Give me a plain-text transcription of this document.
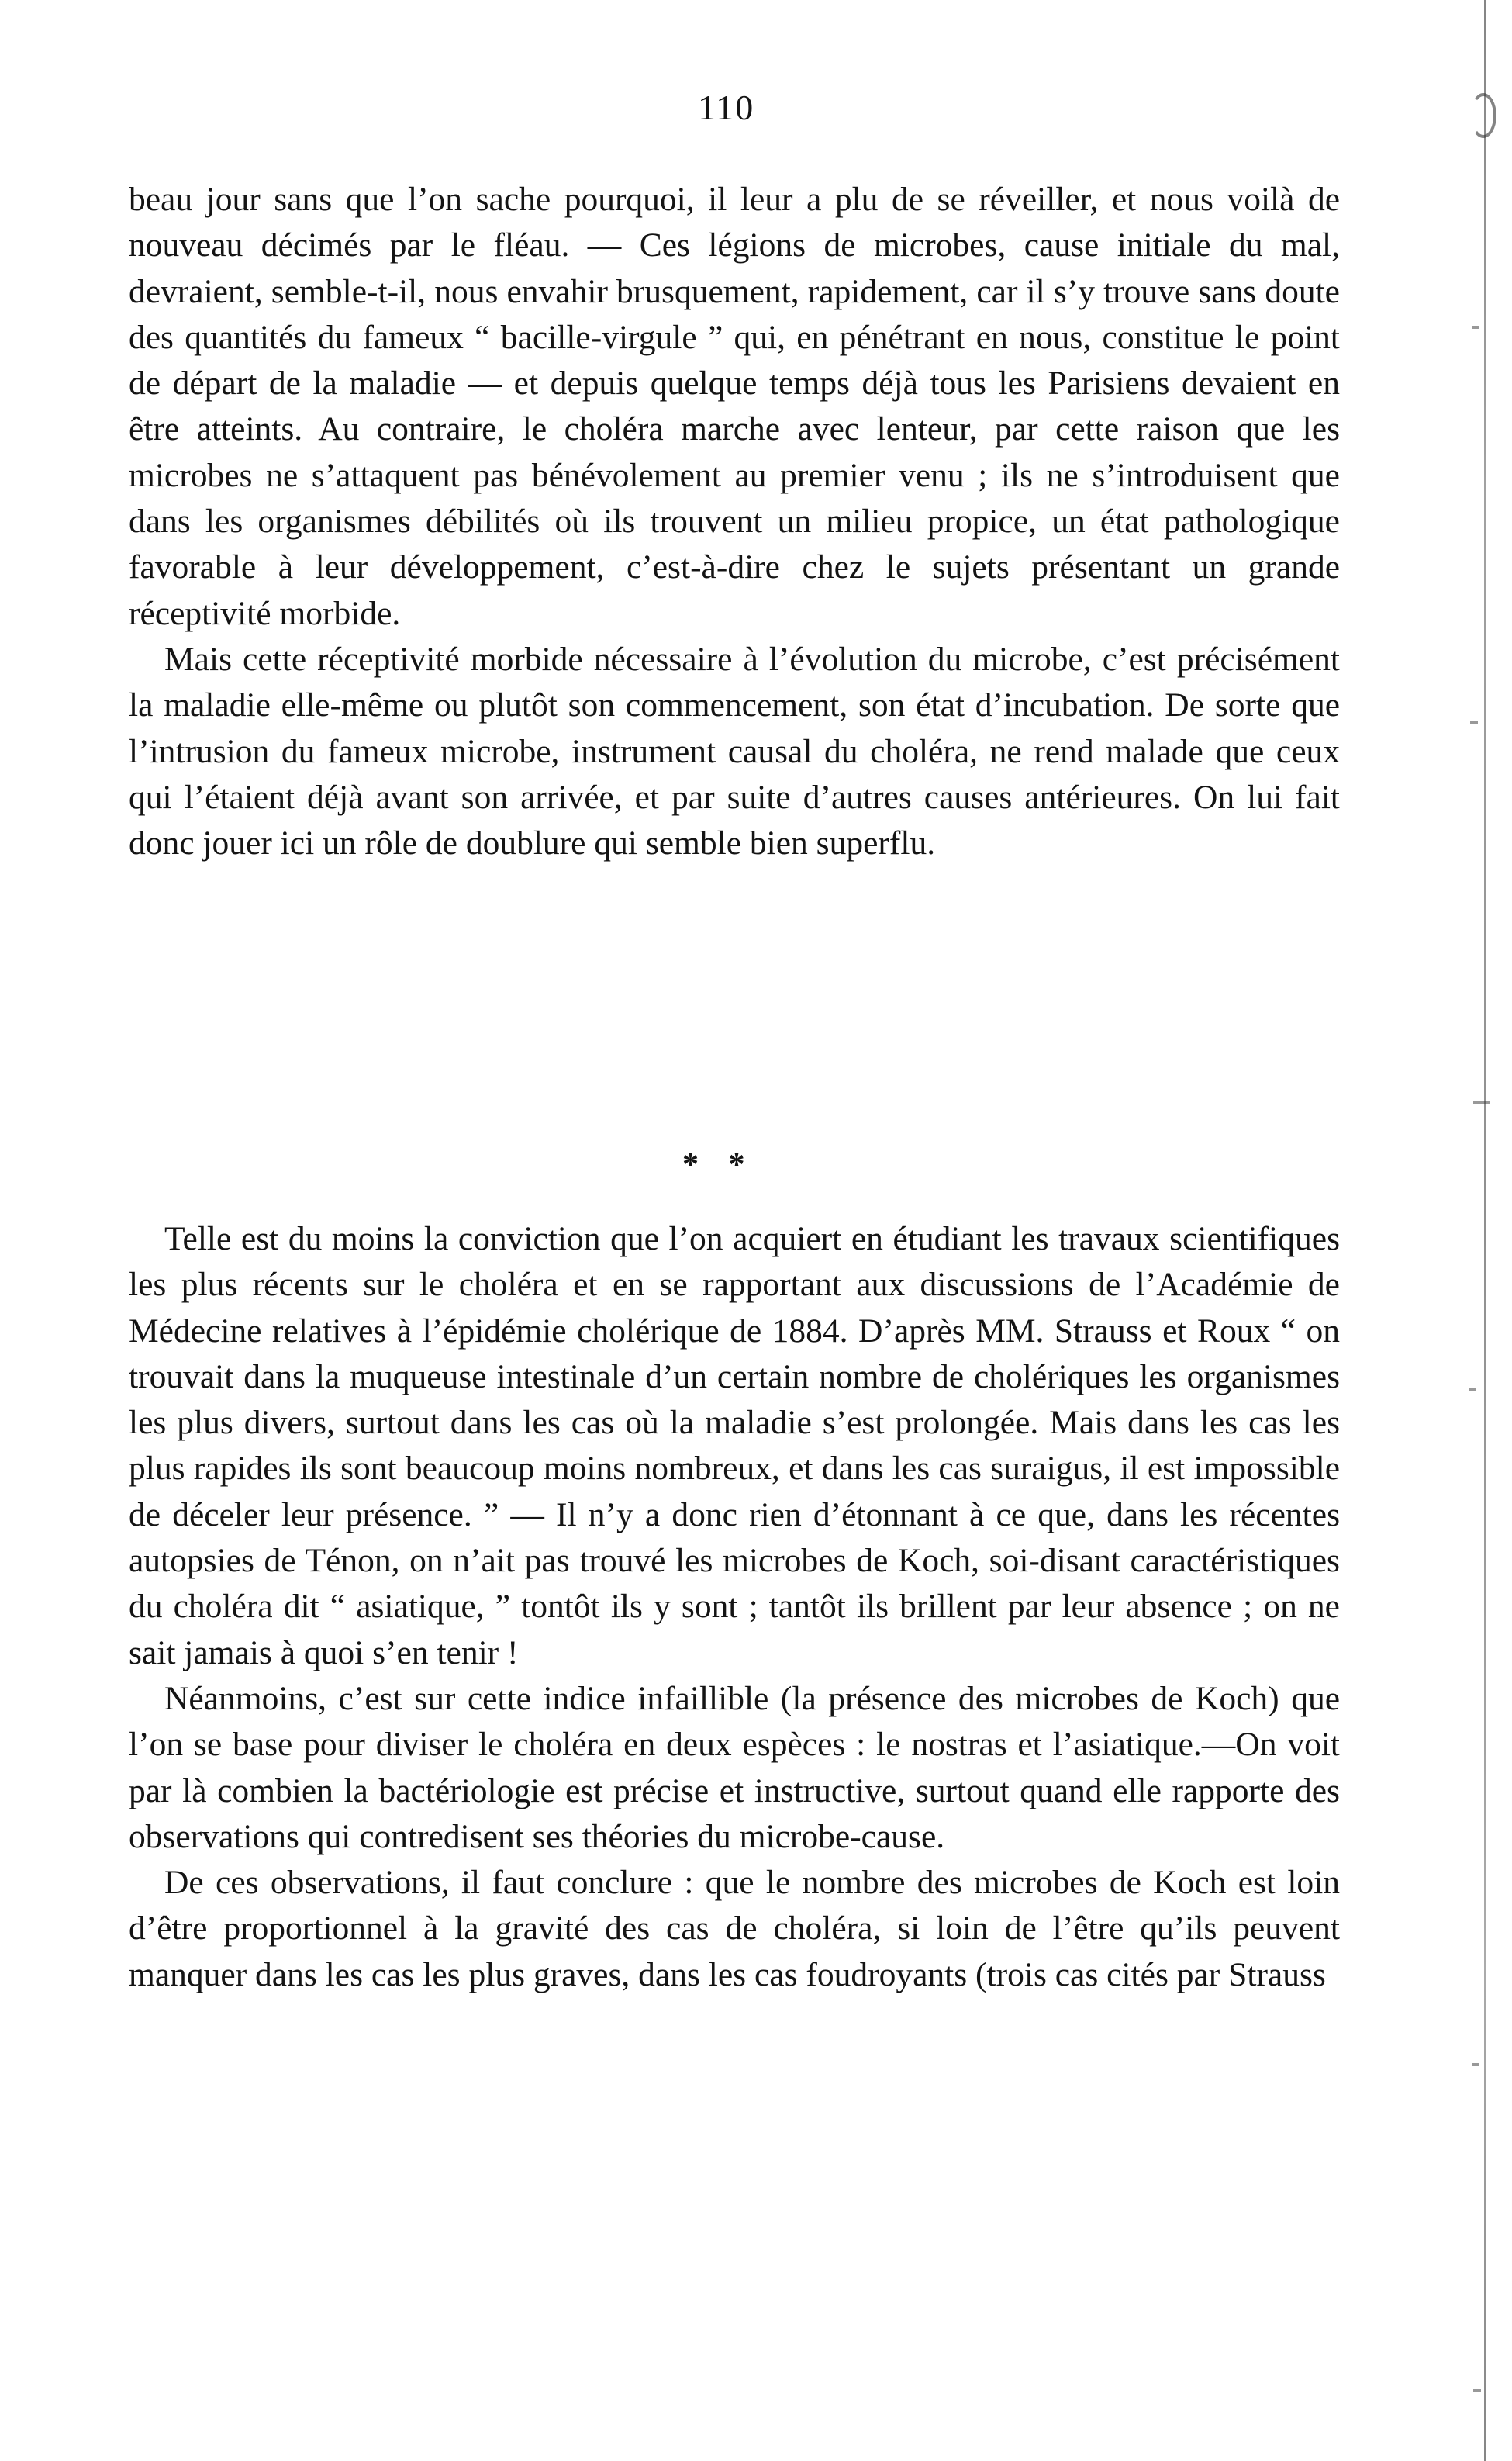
110

beau jour sans que l’on sache pourquoi, il leur a plu de se réveiller, et nous voilà de nouveau décimés par le fléau. — Ces légions de microbes, cause initiale du mal, devraient, semble-t-il, nous envahir brusquement, rapidement, car il s’y trouve sans doute des quantités du fameux “ bacille-virgule ” qui, en pénétrant en nous, constitue le point de départ de la maladie — et depuis quelque temps déjà tous les Parisiens devaient en être atteints. Au contraire, le choléra marche avec lenteur, par cette raison que les microbes ne s’attaquent pas bénévolement au premier venu ; ils ne s’introduisent que dans les organismes débilités où ils trouvent un milieu propice, un état pathologique favorable à leur développement, c’est-à-dire chez le sujets présentant un grande réceptivité morbide.

Mais cette réceptivité morbide nécessaire à l’évolution du microbe, c’est précisément la maladie elle-même ou plutôt son commencement, son état d’incubation. De sorte que l’intrusion du fameux microbe, instrument causal du choléra, ne rend malade que ceux qui l’étaient déjà avant son arrivée, et par suite d’autres causes antérieures. On lui fait donc jouer ici un rôle de doublure qui semble bien superflu.

* *

Telle est du moins la conviction que l’on acquiert en étudiant les travaux scientifiques les plus récents sur le choléra et en se rapportant aux discussions de l’Académie de Médecine relatives à l’épidémie cholérique de 1884. D’après MM. Strauss et Roux “ on trouvait dans la muqueuse intestinale d’un certain nombre de cholériques les organismes les plus divers, surtout dans les cas où la maladie s’est prolongée. Mais dans les cas les plus rapides ils sont beaucoup moins nombreux, et dans les cas suraigus, il est impossible de déceler leur présence. ” — Il n’y a donc rien d’étonnant à ce que, dans les récentes autopsies de Ténon, on n’ait pas trouvé les microbes de Koch, soi-disant caractéristiques du choléra dit “ asiatique, ” tontôt ils y sont ; tantôt ils brillent par leur absence ; on ne sait jamais à quoi s’en tenir !

Néanmoins, c’est sur cette indice infaillible (la présence des microbes de Koch) que l’on se base pour diviser le choléra en deux espèces : le nostras et l’asiatique.—On voit par là combien la bactériologie est précise et instructive, surtout quand elle rapporte des observations qui contredisent ses théories du microbe-cause.

De ces observations, il faut conclure : que le nombre des microbes de Koch est loin d’être proportionnel à la gravité des cas de choléra, si loin de l’être qu’ils peuvent manquer dans les cas les plus graves, dans les cas foudroyants (trois cas cités par Strauss
